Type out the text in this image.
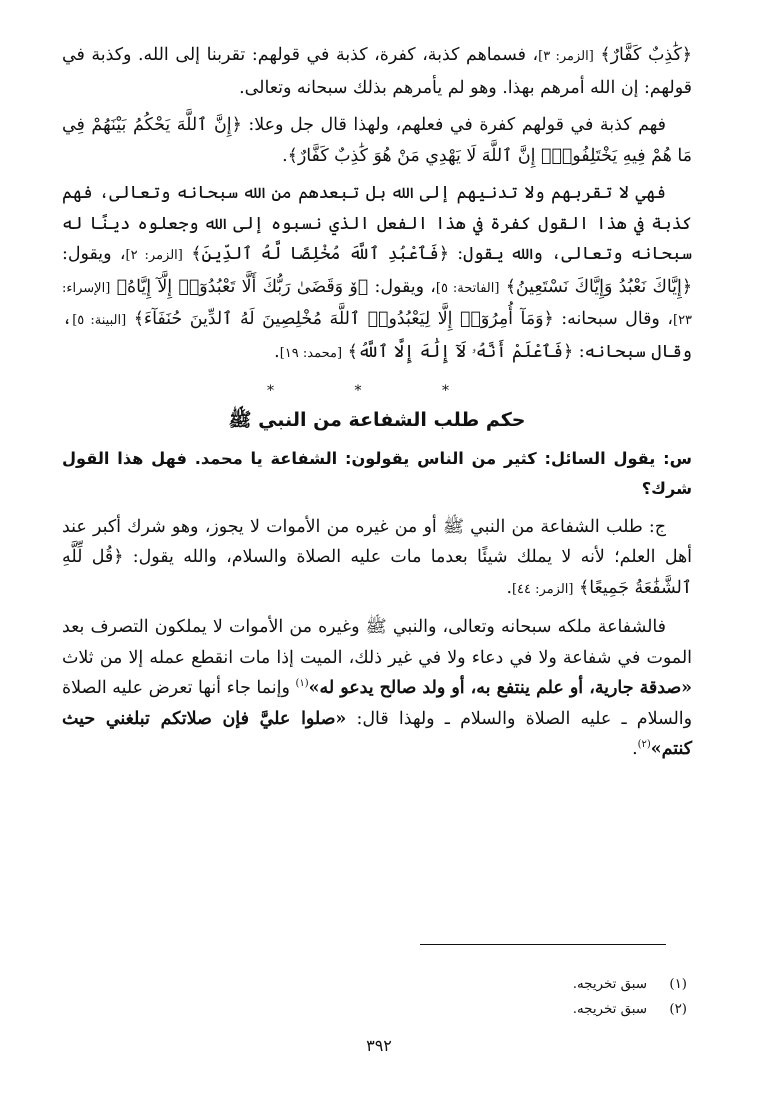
﴿كَٰذِبٌ كَفَّارٌ﴾ [الزمر: ٣]، فسماهم كذبة، كفرة، كذبة في قولهم: تقربنا إلى الله. وكذبة في قولهم: إن الله أمرهم بهذا. وهو لم يأمرهم بذلك سبحانه وتعالى.

فهم كذبة في قولهم كفرة في فعلهم، ولهذا قال جل وعلا: ﴿إِنَّ ٱللَّهَ يَحْكُمُ بَيْنَهُمْ فِي مَا هُمْ فِيهِ يَخْتَلِفُونَۗ إِنَّ ٱللَّهَ لَا يَهْدِي مَنْ هُوَ كَٰذِبٌ كَفَّارٌ﴾.

فهي لا تقربهم ولا تدنيهم إلى الله بل تبعدهم من الله سبحانه وتعالى، فهم كذبة في هذا القول كفرة في هذا الفعل الذي نسبوه إلى الله وجعلوه دينًا له سبحانه وتعالى، والله يقول: ﴿فَٱعْبُدِ ٱللَّهَ مُخْلِصًا لَّهُ ٱلدِّينَ﴾ [الزمر: ٢]، ويقول: ﴿إِيَّاكَ نَعْبُدُ وَإِيَّاكَ نَسْتَعِينُ﴾ [الفاتحة: ٥]، ويقول: ﴿ﯙ وَقَضَىٰ رَبُّكَ أَلَّا تَعْبُدُوٓا۟ إِلَّآ إِيَّاهُ﴾ [الإسراء: ٢٣]، وقال سبحانه: ﴿وَمَآ أُمِرُوٓا۟ إِلَّا لِيَعْبُدُوا۟ ٱللَّهَ مُخْلِصِينَ لَهُ ٱلدِّينَ حُنَفَآءَ﴾ [البينة: ٥]، وقال سبحانه: ﴿فَٱعْلَمْ أَنَّهُۥ لَآ إِلَٰهَ إِلَّا ٱللَّهُ﴾ [محمد: ١٩].

* * *
حكم طلب الشفاعة من النبي ﷺ

س: يقول السائل: كثير من الناس يقولون: الشفاعة يا محمد. فهل هذا القول شرك؟

ج: طلب الشفاعة من النبي ﷺ أو من غيره من الأموات لا يجوز، وهو شرك أكبر عند أهل العلم؛ لأنه لا يملك شيئًا بعدما مات عليه الصلاة والسلام، والله يقول: ﴿قُل لِّلَّهِ ٱلشَّفَٰعَةُ جَمِيعًا﴾ [الزمر: ٤٤].

فالشفاعة ملكه سبحانه وتعالى، والنبي ﷺ وغيره من الأموات لا يملكون التصرف بعد الموت في شفاعة ولا في دعاء ولا في غير ذلك، الميت إذا مات انقطع عمله إلا من ثلاث «صدقة جارية، أو علم ينتفع به، أو ولد صالح يدعو له»$^{(١)}$ وإنما جاء أنها تعرض عليه الصلاة والسلام ـ عليه الصلاة والسلام ـ ولهذا قال: «صلوا عليَّ فإن صلاتكم تبلغني حيث كنتم»$^{(٢)}$.

(١)
سبق تخريجه.
(٢)
سبق تخريجه.
٣٩٢
